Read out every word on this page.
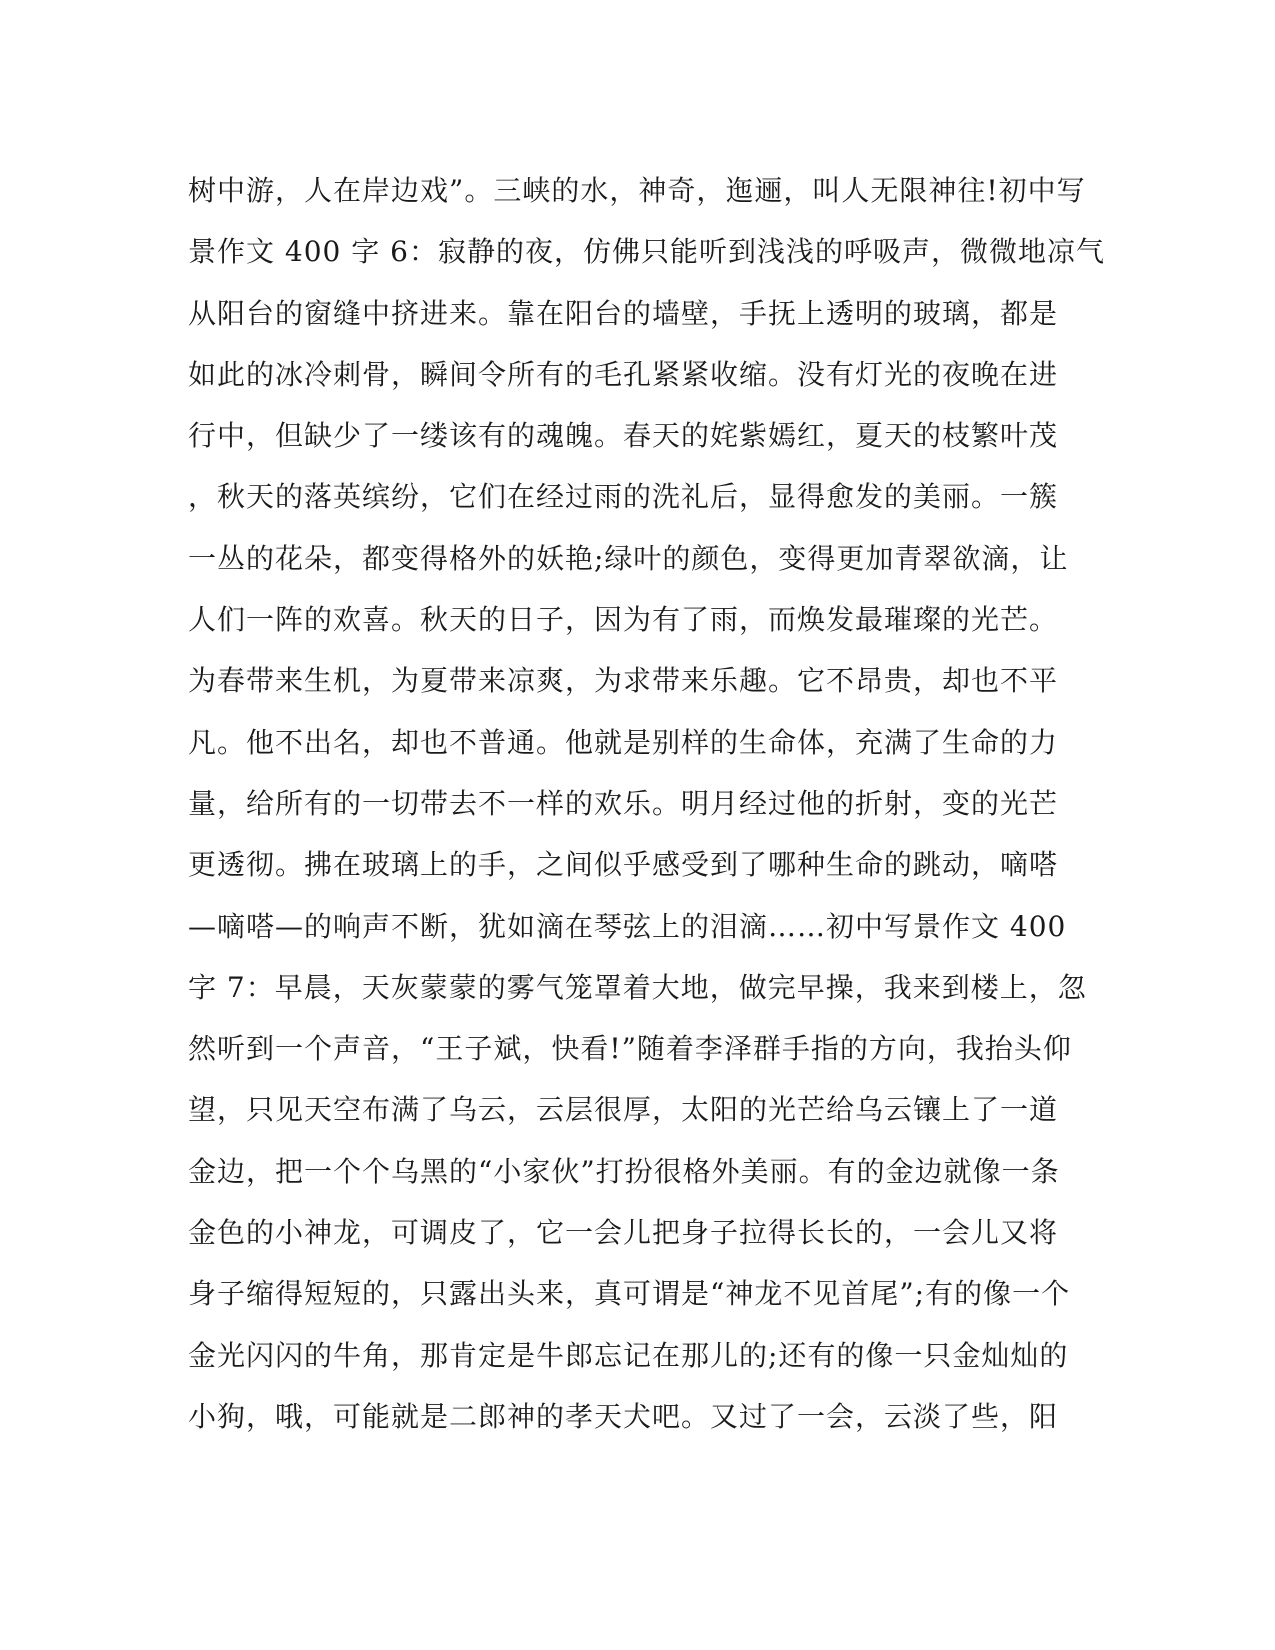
树中游，人在岸边戏”。三峡的水，神奇，迤逦，叫人无限神往!初中写
景作文 400 字 6：寂静的夜，仿佛只能听到浅浅的呼吸声，微微地凉气
从阳台的窗缝中挤进来。靠在阳台的墙壁，手抚上透明的玻璃，都是
如此的冰冷刺骨，瞬间令所有的毛孔紧紧收缩。没有灯光的夜晚在进
行中，但缺少了一缕该有的魂魄。春天的姹紫嫣红，夏天的枝繁叶茂
，秋天的落英缤纷，它们在经过雨的洗礼后，显得愈发的美丽。一簇
一丛的花朵，都变得格外的妖艳;绿叶的颜色，变得更加青翠欲滴，让
人们一阵的欢喜。秋天的日子，因为有了雨，而焕发最璀璨的光芒。
为春带来生机，为夏带来凉爽，为求带来乐趣。它不昂贵，却也不平
凡。他不出名，却也不普通。他就是别样的生命体，充满了生命的力
量，给所有的一切带去不一样的欢乐。明月经过他的折射，变的光芒
更透彻。拂在玻璃上的手，之间似乎感受到了哪种生命的跳动，嘀嗒
—嘀嗒—的响声不断，犹如滴在琴弦上的泪滴……初中写景作文 400
字 7：早晨，天灰蒙蒙的雾气笼罩着大地，做完早操，我来到楼上，忽
然听到一个声音，“王子斌，快看!”随着李泽群手指的方向，我抬头仰
望，只见天空布满了乌云，云层很厚，太阳的光芒给乌云镶上了一道
金边，把一个个乌黑的“小家伙”打扮很格外美丽。有的金边就像一条
金色的小神龙，可调皮了，它一会儿把身子拉得长长的，一会儿又将
身子缩得短短的，只露出头来，真可谓是“神龙不见首尾”;有的像一个
金光闪闪的牛角，那肯定是牛郎忘记在那儿的;还有的像一只金灿灿的
小狗，哦，可能就是二郎神的孝天犬吧。又过了一会，云淡了些，阳
